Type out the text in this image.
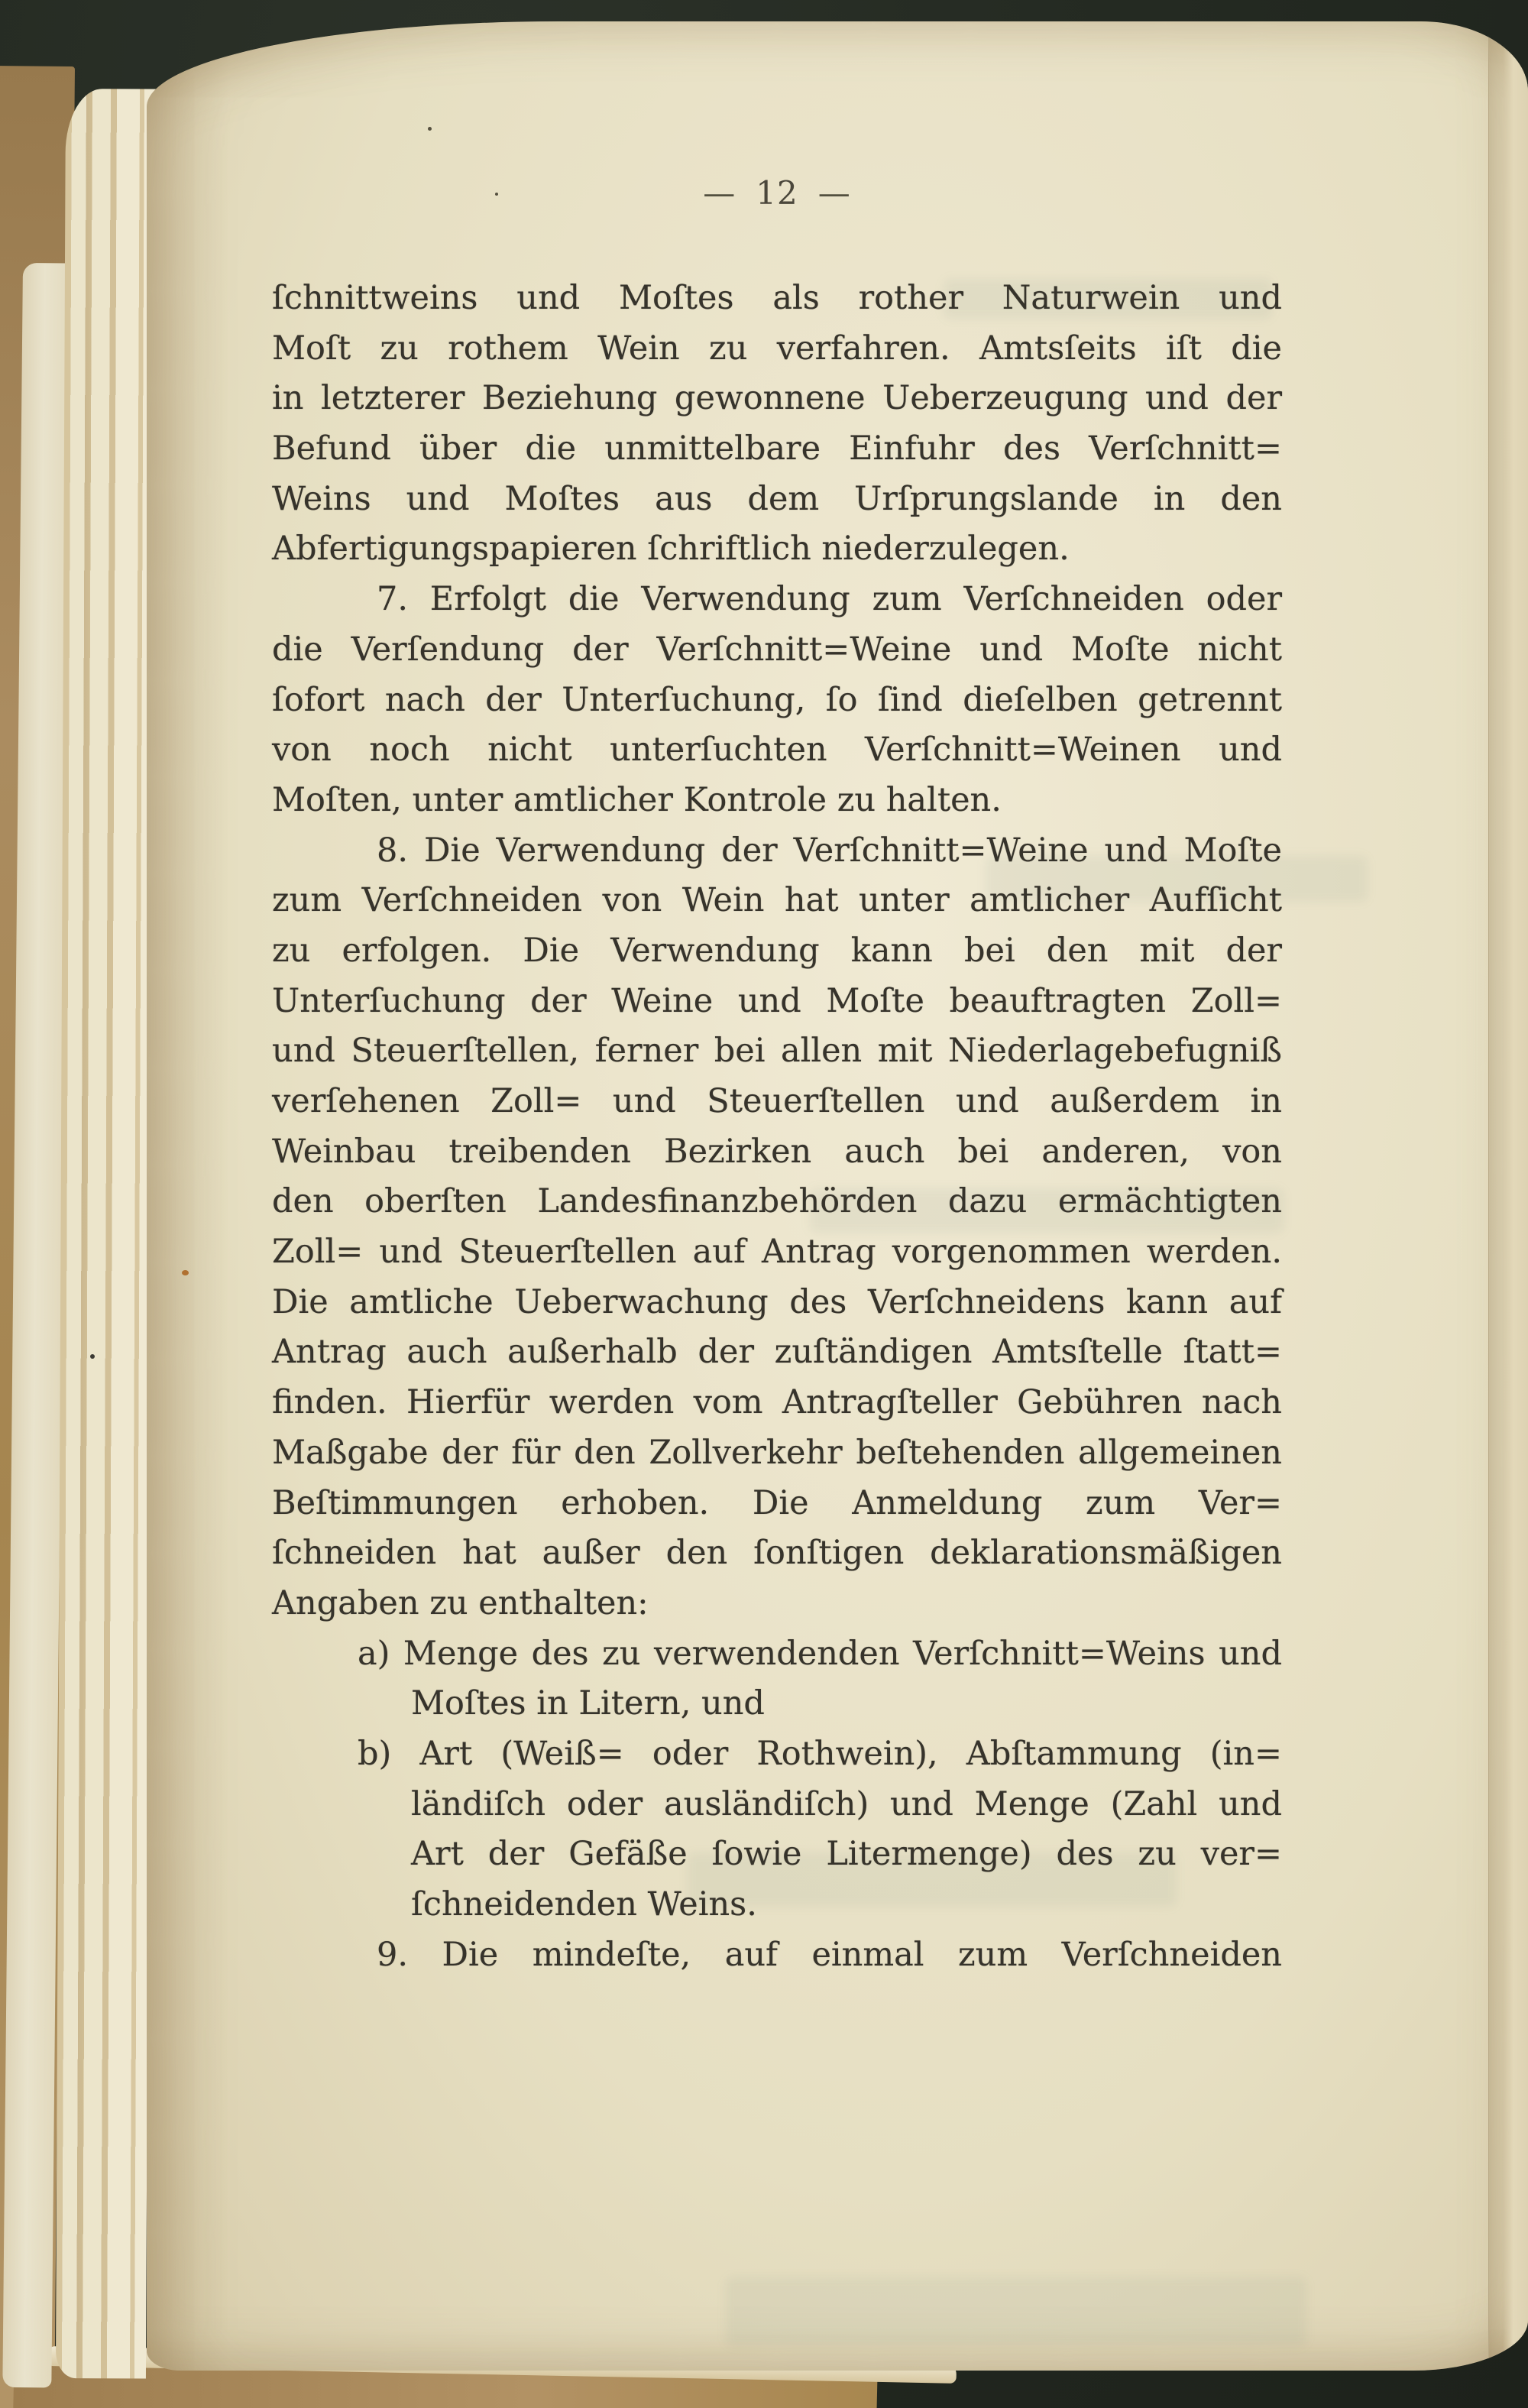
— 12 —
ſchnittweins und Moſtes als rother Naturwein und
Moſt zu rothem Wein zu verfahren. Amtsſeits iſt die
in letzterer Beziehung gewonnene Ueberzeugung und der
Befund über die unmittelbare Einfuhr des Verſchnitt=
Weins und Moſtes aus dem Urſprungslande in den
Abfertigungspapieren ſchriftlich niederzulegen.
7. Erfolgt die Verwendung zum Verſchneiden oder
die Verſendung der Verſchnitt=Weine und Moſte nicht
ſofort nach der Unterſuchung, ſo ſind dieſelben getrennt
von noch nicht unterſuchten Verſchnitt=Weinen und
Moſten, unter amtlicher Kontrole zu halten.
8. Die Verwendung der Verſchnitt=Weine und Moſte
zum Verſchneiden von Wein hat unter amtlicher Aufſicht
zu erfolgen. Die Verwendung kann bei den mit der
Unterſuchung der Weine und Moſte beauftragten Zoll=
und Steuerſtellen, ferner bei allen mit Niederlagebefugniß
verſehenen Zoll= und Steuerſtellen und außerdem in
Weinbau treibenden Bezirken auch bei anderen, von
den oberſten Landesfinanzbehörden dazu ermächtigten
Zoll= und Steuerſtellen auf Antrag vorgenommen werden.
Die amtliche Ueberwachung des Verſchneidens kann auf
Antrag auch außerhalb der zuſtändigen Amtsſtelle ſtatt=
finden. Hierfür werden vom Antragſteller Gebühren nach
Maßgabe der für den Zollverkehr beſtehenden allgemeinen
Beſtimmungen erhoben. Die Anmeldung zum Ver=
ſchneiden hat außer den ſonſtigen deklarationsmäßigen
Angaben zu enthalten:
a) Menge des zu verwendenden Verſchnitt=Weins und
Moſtes in Litern, und
b) Art (Weiß= oder Rothwein), Abſtammung (in=
ländiſch oder ausländiſch) und Menge (Zahl und
Art der Gefäße ſowie Litermenge) des zu ver=
ſchneidenden Weins.
9. Die mindeſte, auf einmal zum Verſchneiden
